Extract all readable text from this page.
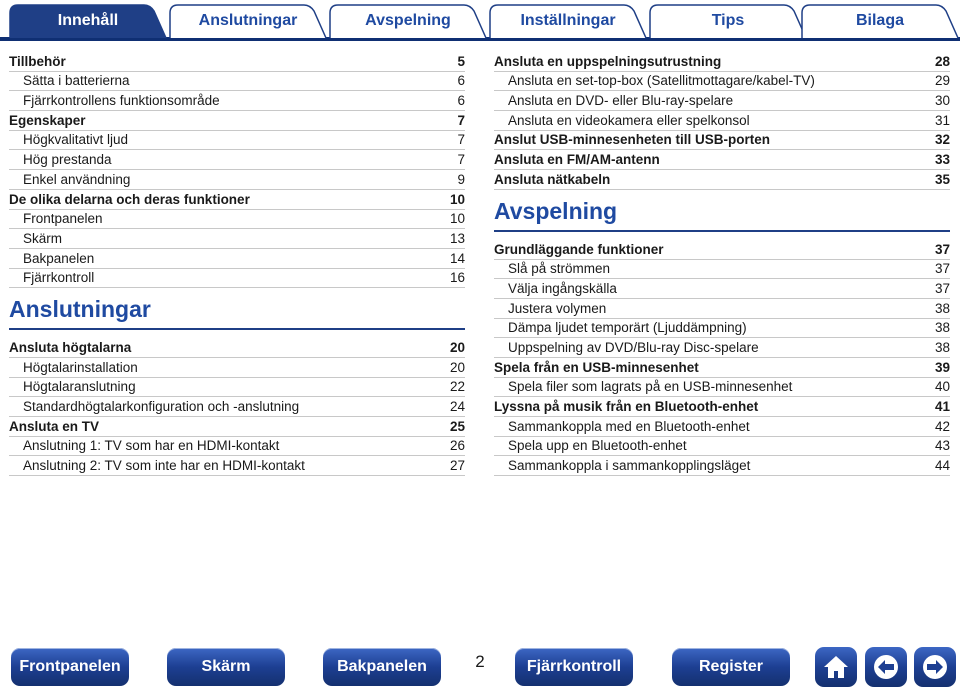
Innehåll	Anslutningar	Avspelning	Inställningar	Tips	Bilaga
Tillbehör	5
Sätta i batterierna	6
Fjärrkontrollens funktionsområde	6
Egenskaper	7
Högkvalitativt ljud	7
Hög prestanda	7
Enkel användning	9
De olika delarna och deras funktioner	10
Frontpanelen	10
Skärm	13
Bakpanelen	14
Fjärrkontroll	16
Anslutningar
Ansluta högtalarna	20
Högtalarinstallation	20
Högtalaranslutning	22
Standardhögtalarkonfiguration och -anslutning	24
Ansluta en TV	25
Anslutning 1: TV som har en HDMI-kontakt	26
Anslutning 2: TV som inte har en HDMI-kontakt	27
Ansluta en uppspelningsutrustning	28
Ansluta en set-top-box (Satellitmottagare/kabel-TV)	29
Ansluta en DVD- eller Blu-ray-spelare	30
Ansluta en videokamera eller spelkonsol	31
Anslut USB-minnesenheten till USB-porten	32
Ansluta en FM/AM-antenn	33
Ansluta nätkabeln	35
Avspelning
Grundläggande funktioner	37
Slå på strömmen	37
Välja ingångskälla	37
Justera volymen	38
Dämpa ljudet temporärt (Ljuddämpning)	38
Uppspelning av DVD/Blu-ray Disc-spelare	38
Spela från en USB-minnesenhet	39
Spela filer som lagrats på en USB-minnesenhet	40
Lyssna på musik från en Bluetooth-enhet	41
Sammankoppla med en Bluetooth-enhet	42
Spela upp en Bluetooth-enhet	43
Sammankoppla i sammankopplingsläget	44
Frontpanelen	Skärm	Bakpanelen	2	Fjärrkontroll	Register
